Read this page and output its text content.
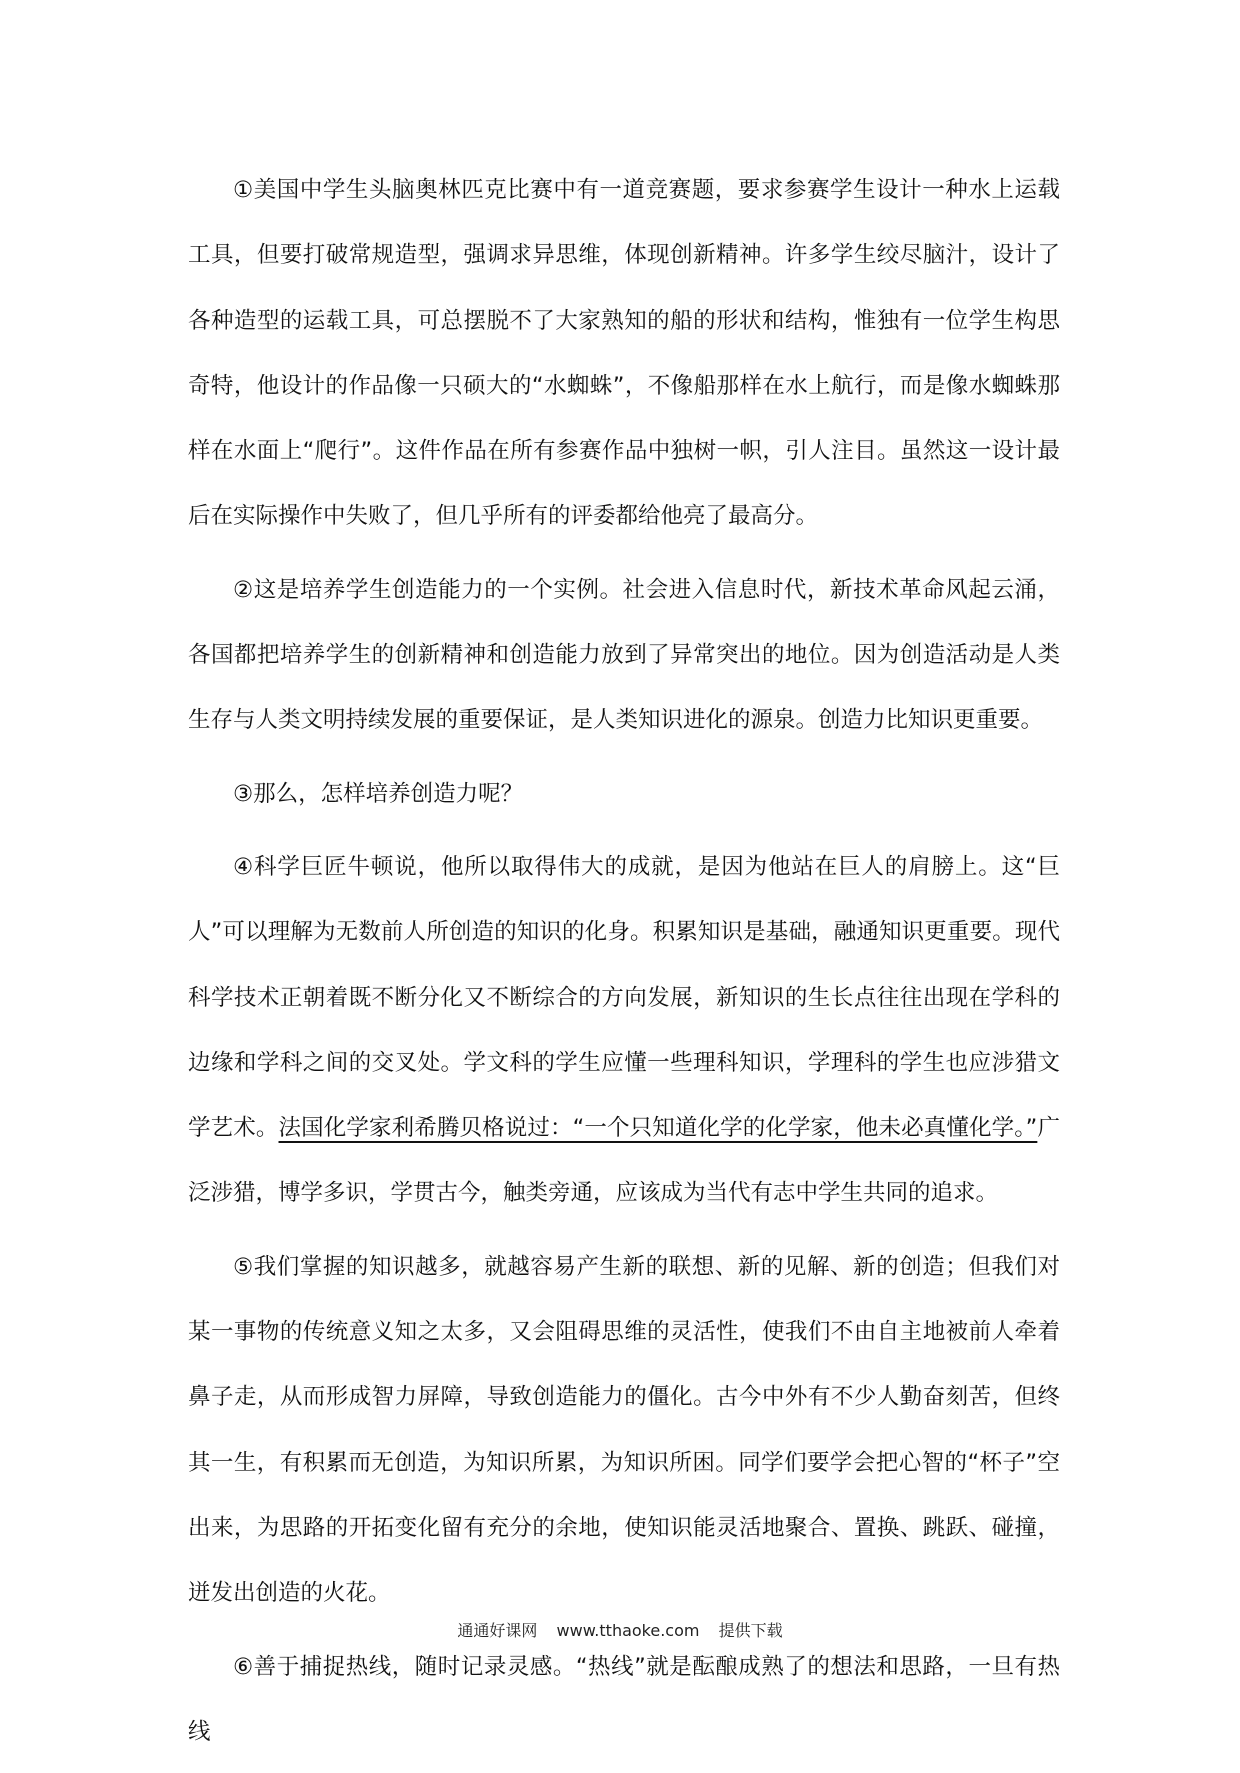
①美国中学生头脑奥林匹克比赛中有一道竞赛题，要求参赛学生设计一种水上运载工具，但要打破常规造型，强调求异思维，体现创新精神。许多学生绞尽脑汁，设计了各种造型的运载工具，可总摆脱不了大家熟知的船的形状和结构，惟独有一位学生构思奇特，他设计的作品像一只硕大的“水蜘蛛”，不像船那样在水上航行，而是像水蜘蛛那样在水面上“爬行”。这件作品在所有参赛作品中独树一帜，引人注目。虽然这一设计最后在实际操作中失败了，但几乎所有的评委都给他亮了最高分。

②这是培养学生创造能力的一个实例。社会进入信息时代，新技术革命风起云涌，各国都把培养学生的创新精神和创造能力放到了异常突出的地位。因为创造活动是人类生存与人类文明持续发展的重要保证，是人类知识进化的源泉。创造力比知识更重要。

③那么，怎样培养创造力呢？

④科学巨匠牛顿说，他所以取得伟大的成就，是因为他站在巨人的肩膀上。这“巨人”可以理解为无数前人所创造的知识的化身。积累知识是基础，融通知识更重要。现代科学技术正朝着既不断分化又不断综合的方向发展，新知识的生长点往往出现在学科的边缘和学科之间的交叉处。学文科的学生应懂一些理科知识，学理科的学生也应涉猎文学艺术。法国化学家利希腾贝格说过：“一个只知道化学的化学家，他未必真懂化学。”广泛涉猎，博学多识，学贯古今，触类旁通，应该成为当代有志中学生共同的追求。

⑤我们掌握的知识越多，就越容易产生新的联想、新的见解、新的创造；但我们对某一事物的传统意义知之太多，又会阻碍思维的灵活性，使我们不由自主地被前人牵着鼻子走，从而形成智力屏障，导致创造能力的僵化。古今中外有不少人勤奋刻苦，但终其一生，有积累而无创造，为知识所累，为知识所困。同学们要学会把心智的“杯子”空出来，为思路的开拓变化留有充分的余地，使知识能灵活地聚合、置换、跳跃、碰撞，迸发出创造的火花。

⑥善于捕捉热线，随时记录灵感。“热线”就是酝酿成熟了的想法和思路，一旦有热线

通通好课网 www.tthaoke.com 提供下载
